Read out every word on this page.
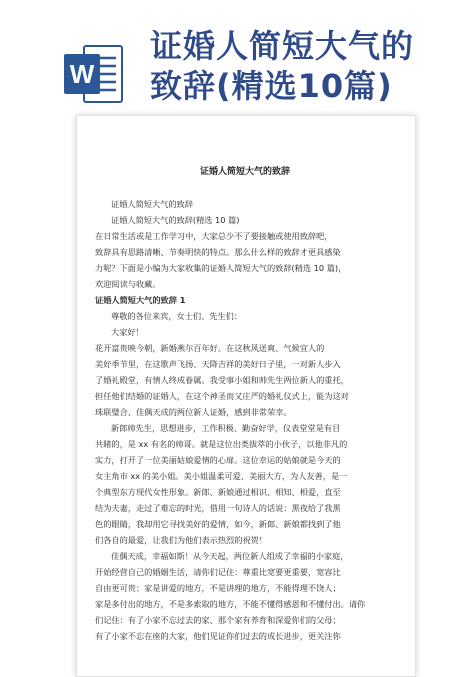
W
证婚人简短大气的
致辞(精选10篇)
证婚人简短大气的致辞
证婚人简短大气的致辞
证婚人简短大气的致辞(精选 10 篇)
在日常生活或是工作学习中，大家总少不了要接触或使用致辞吧，
致辞具有思路清晰、节奏明快的特点。那么什么样的致辞才更具感染
力呢？下面是小编为大家收集的证婚人简短大气的致辞(精选 10 篇)，
欢迎阅读与收藏。
证婚人简短大气的致辞 1
尊敬的各位来宾，女士们、先生们：
大家好！
花开富贵映今朝，新婚燕尔百年好。在这秋风送爽、气候宜人的
美好季节里，在这歌声飞扬、天降吉祥的美好日子里，一对新人步入
了婚礼殿堂，有情人终成眷属。我受事小姐和帅先生两位新人的重托，
担任他们结婚的证婚人，在这个神圣而又庄严的婚礼仪式上，能为这对
珠联璧合、佳偶天成的两位新人证婚，感到非常荣幸。
新郎帅先生，思想进步，工作积极、勤奋好学，仪表堂堂是有目
共睹的，是 xx 有名的帅哥。就是这位出类拔萃的小伙子，以他非凡的
实力，打开了一位美丽姑娘爱情的心扉。这位幸运的姑娘就是今天的
女主角市 xx 的美小姐。美小姐温柔可爱、美丽大方，为人友善，是一
个典型东方现代女性形象。新郎、新娘通过相识、相知、相爱，直至
结为夫妻，走过了难忘的时光，借用一句诗人的话说：黑夜给了我黑
色的眼睛，我却用它寻找美好的爱情，如今，新郎、新娘都找到了他
们各自的最爱，让我们为他们表示热烈的祝贺！
佳偶天成，幸福如斯！从今天起，两位新人组成了幸福的小家庭，
开始经营自己的婚姻生活，请你们记住：尊重比宽要更重要，宽容比
自由更可贵；家是讲爱的地方，不是讲理的地方，不能得理不饶人；
家是多付出的地方，不是多索取的地方，不能不懂得感恩和不懂付出。请你
们记住：有了小家不忘过去的家、那个家有养育和深爱你们的父母；
有了小家不忘在座的大家，他们见证你们过去的成长进步，更关注你
